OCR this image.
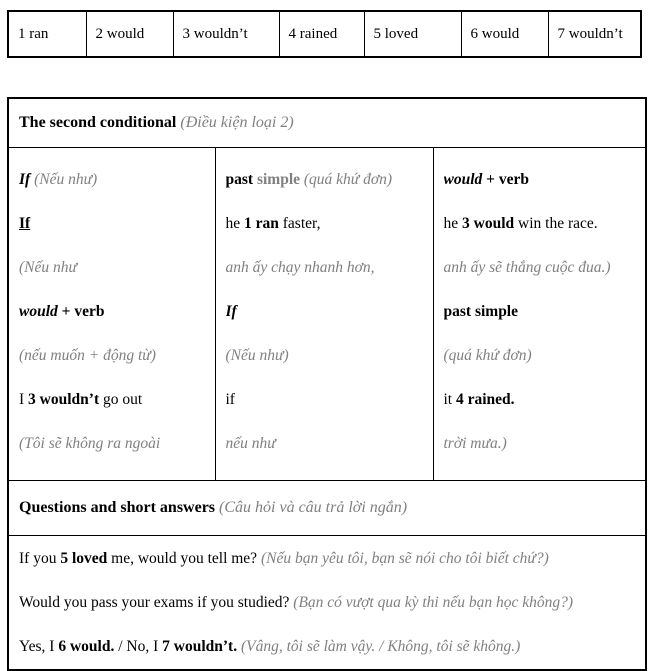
1 ran	2 would	3 wouldn’t	4 rained	5 loved	6 would	7 wouldn’t
The second conditional (Điều kiện loại 2)

If (Nếu như)
If
(Nếu như
would + verb
(nếu muốn + động từ)
I 3 wouldn’t go out
(Tôi sẽ không ra ngoài

past simple (quá khứ đơn)
he 1 ran faster,
anh ấy chạy nhanh hơn,
If
(Nếu như)
if
nếu như

would + verb
he 3 would win the race.
anh ấy sẽ thắng cuộc đua.)
past simple
(quá khứ đơn)
it 4 rained.
trời mưa.)

Questions and short answers (Câu hỏi và câu trả lời ngắn)

If you 5 loved me, would you tell me? (Nếu bạn yêu tôi, bạn sẽ nói cho tôi biết chứ?)
Would you pass your exams if you studied? (Bạn có vượt qua kỳ thi nếu bạn học không?)
Yes, I 6 would. / No, I 7 wouldn’t. (Vâng, tôi sẽ làm vậy. / Không, tôi sẽ không.)
